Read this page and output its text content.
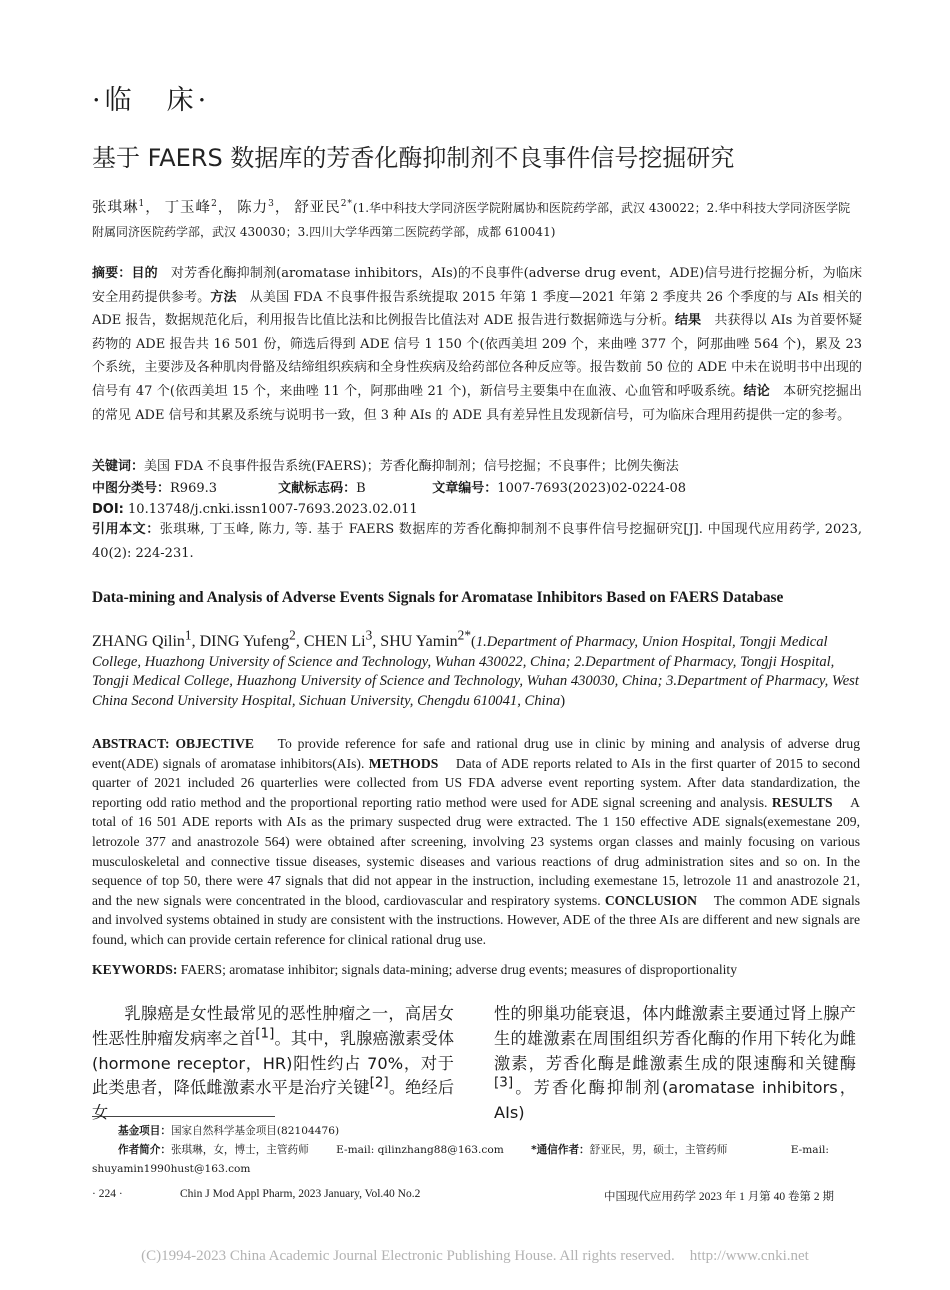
·临　床·
基于 FAERS 数据库的芳香化酶抑制剂不良事件信号挖掘研究
张琪琳$^1$， 丁玉峰$^2$， 陈力$^3$， 舒亚民$^{2*}$(1.华中科技大学同济医学院附属协和医院药学部，武汉 430022；2.华中科技大学同济医学院附属同济医院药学部，武汉 430030；3.四川大学华西第二医院药学部，成都 610041)
摘要：目的　 对芳香化酶抑制剂(aromatase inhibitors，AIs)的不良事件(adverse drug event，ADE)信号进行挖掘分析，为临床安全用药提供参考。方法　 从美国 FDA 不良事件报告系统提取 2015 年第 1 季度—2021 年第 2 季度共 26 个季度的与 AIs 相关的 ADE 报告，数据规范化后，利用报告比值比法和比例报告比值法对 ADE 报告进行数据筛选与分析。结果　 共获得以 AIs 为首要怀疑药物的 ADE 报告共 16 501 份，筛选后得到 ADE 信号 1 150 个(依西美坦 209 个，来曲唑 377 个，阿那曲唑 564 个)，累及 23 个系统，主要涉及各种肌肉骨骼及结缔组织疾病和全身性疾病及给药部位各种反应等。报告数前 50 位的 ADE 中未在说明书中出现的信号有 47 个(依西美坦 15 个，来曲唑 11 个，阿那曲唑 21 个)，新信号主要集中在血液、心血管和呼吸系统。结论　 本研究挖掘出的常见 ADE 信号和其累及系统与说明书一致，但 3 种 AIs 的 ADE 具有差异性且发现新信号，可为临床合理用药提供一定的参考。
关键词：美国 FDA 不良事件报告系统(FAERS)；芳香化酶抑制剂；信号挖掘；不良事件；比例失衡法
中图分类号：R969.3	文献标志码：B	文章编号：1007-7693(2023)02-0224-08
DOI: 10.13748/j.cnki.issn1007-7693.2023.02.011
引用本文：张琪琳, 丁玉峰, 陈力, 等. 基于 FAERS 数据库的芳香化酶抑制剂不良事件信号挖掘研究[J]. 中国现代应用药学, 2023, 40(2): 224-231.
Data-mining and Analysis of Adverse Events Signals for Aromatase Inhibitors Based on FAERS Database
ZHANG Qilin$^1$, DING Yufeng$^2$, CHEN Li$^3$, SHU Yamin$^{2*}$(1.Department of Pharmacy, Union Hospital, Tongji Medical College, Huazhong University of Science and Technology, Wuhan 430022, China; 2.Department of Pharmacy, Tongji Hospital, Tongji Medical College, Huazhong University of Science and Technology, Wuhan 430030, China; 3.Department of Pharmacy, West China Second University Hospital, Sichuan University, Chengdu 610041, China)
ABSTRACT: OBJECTIVE To provide reference for safe and rational drug use in clinic by mining and analysis of adverse drug event(ADE) signals of aromatase inhibitors(AIs). METHODS Data of ADE reports related to AIs in the first quarter of 2015 to second quarter of 2021 included 26 quarterlies were collected from US FDA adverse event reporting system. After data standardization, the reporting odd ratio method and the proportional reporting ratio method were used for ADE signal screening and analysis. RESULTS A total of 16 501 ADE reports with AIs as the primary suspected drug were extracted. The 1 150 effective ADE signals(exemestane 209, letrozole 377 and anastrozole 564) were obtained after screening, involving 23 systems organ classes and mainly focusing on various musculoskeletal and connective tissue diseases, systemic diseases and various reactions of drug administration sites and so on. In the sequence of top 50, there were 47 signals that did not appear in the instruction, including exemestane 15, letrozole 11 and anastrozole 21, and the new signals were concentrated in the blood, cardiovascular and respiratory systems. CONCLUSION The common ADE signals and involved systems obtained in study are consistent with the instructions. However, ADE of the three AIs are different and new signals are found, which can provide certain reference for clinical rational drug use.
KEYWORDS: FAERS; aromatase inhibitor; signals data-mining; adverse drug events; measures of disproportionality
乳腺癌是女性最常见的恶性肿瘤之一，高居女性恶性肿瘤发病率之首[1]。其中，乳腺癌激素受体(hormone receptor，HR)阳性约占 70%，对于此类患者，降低雌激素水平是治疗关键[2]。绝经后女
性的卵巢功能衰退，体内雌激素主要通过肾上腺产生的雄激素在周围组织芳香化酶的作用下转化为雌激素，芳香化酶是雌激素生成的限速酶和关键酶[3]。芳香化酶抑制剂(aromatase inhibitors，AIs)
基金项目：国家自然科学基金项目(82104476)
作者简介：张琪琳，女，博士，主管药师	E-mail: qilinzhang88@163.com	*通信作者：舒亚民，男，硕士，主管药师	E-mail:
shuyamin1990hust@163.com
· 224 ·	Chin J Mod Appl Pharm, 2023 January, Vol.40 No.2	中国现代应用药学 2023 年 1 月第 40 卷第 2 期
(C)1994-2023 China Academic Journal Electronic Publishing House. All rights reserved.　http://www.cnki.net
